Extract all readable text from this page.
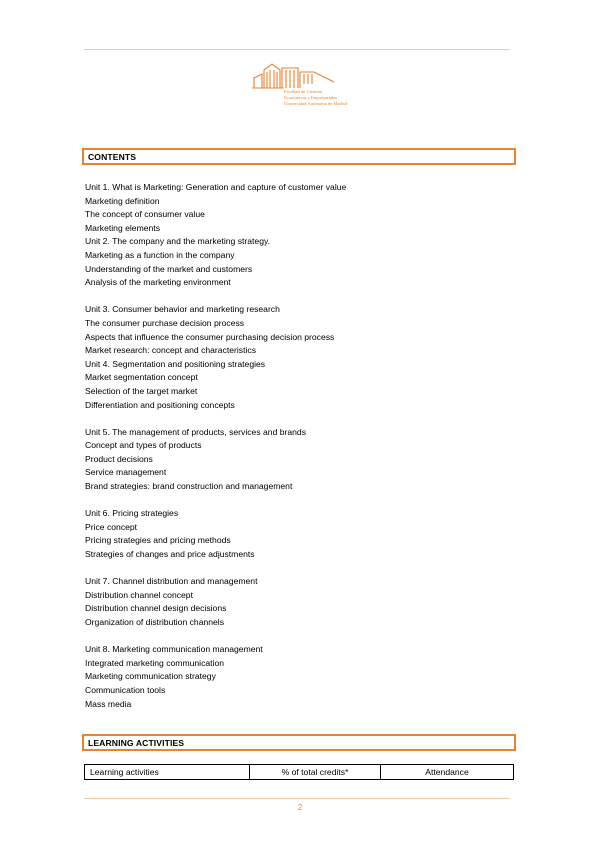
Facultad de Ciencias
Económicas y Empresariales
Universidad Autónoma de Madrid
CONTENTS
Unit 1. What is Marketing: Generation and capture of customer value
Marketing definition
The concept of consumer value
Marketing elements
Unit 2. The company and the marketing strategy.
Marketing as a function in the company
Understanding of the market and customers
Analysis of the marketing environment
Unit 3. Consumer behavior and marketing research
The consumer purchase decision process
Aspects that influence the consumer purchasing decision process
Market research: concept and characteristics
Unit 4. Segmentation and positioning strategies
Market segmentation concept
Selection of the target market
Differentiation and positioning concepts
Unit 5. The management of products, services and brands
Concept and types of products
Product decisions
Service management
Brand strategies: brand construction and management
Unit 6. Pricing strategies
Price concept
Pricing strategies and pricing methods
Strategies of changes and price adjustments
Unit 7. Channel distribution and management
Distribution channel concept
Distribution channel design decisions
Organization of distribution channels
Unit 8. Marketing communication management
Integrated marketing communication
Marketing communication strategy
Communication tools
Mass media
LEARNING ACTIVITIES
Learning activities	% of total credits*	Attendance
2
